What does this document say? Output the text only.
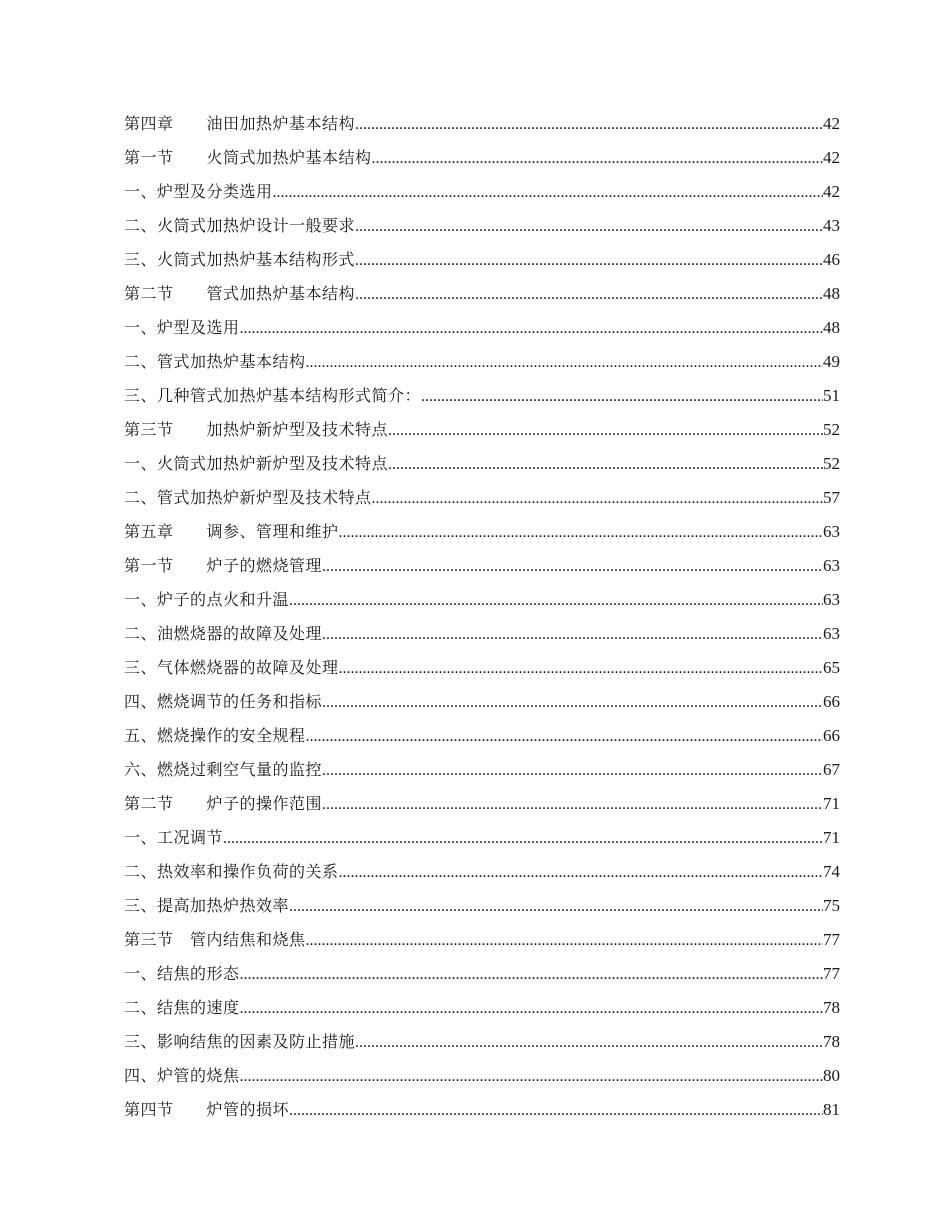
第四章　　油田加热炉基本结构 .....	42
第一节　　火筒式加热炉基本结构 .....	42
一、炉型及分类选用 .....	42
二、火筒式加热炉设计一般要求 .....	43
三、火筒式加热炉基本结构形式 .....	46
第二节　　管式加热炉基本结构 .....	48
一、炉型及选用 .....	48
二、管式加热炉基本结构 .....	49
三、几种管式加热炉基本结构形式简介： .....	51
第三节　　加热炉新炉型及技术特点 .....	52
一、火筒式加热炉新炉型及技术特点 .....	52
二、管式加热炉新炉型及技术特点 .....	57
第五章　　调参、管理和维护 .....	63
第一节　　炉子的燃烧管理 .....	63
一、炉子的点火和升温 .....	63
二、油燃烧器的故障及处理 .....	63
三、气体燃烧器的故障及处理 .....	65
四、燃烧调节的任务和指标 .....	66
五、燃烧操作的安全规程 .....	66
六、燃烧过剩空气量的监控 .....	67
第二节　　炉子的操作范围 .....	71
一、工况调节 .....	71
二、热效率和操作负荷的关系 .....	74
三、提高加热炉热效率 .....	75
第三节　管内结焦和烧焦 .....	77
一、结焦的形态 .....	77
二、结焦的速度 .....	78
三、影响结焦的因素及防止措施 .....	78
四、炉管的烧焦 .....	80
第四节　　炉管的损坏 .....	81
